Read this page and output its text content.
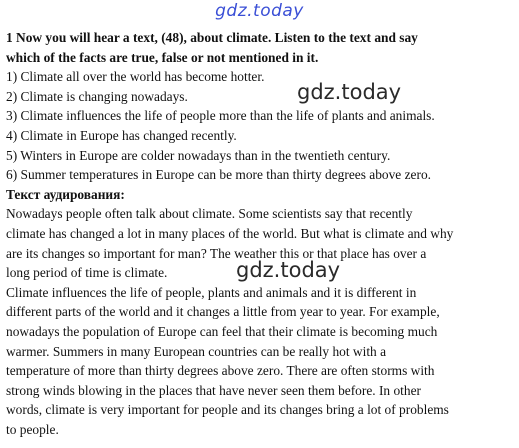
gdz.today
1 Now you will hear a text, (48), about climate. Listen to the text and say
which of the facts are true, false or not mentioned in it.
1) Climate all over the world has become hotter.
2) Climate is changing nowadays.
3) Climate influences the life of people more than the life of plants and animals.
4) Climate in Europe has changed recently.
5) Winters in Europe are colder nowadays than in the twentieth century.
6) Summer temperatures in Europe can be more than thirty degrees above zero.
Текст аудирования:
Nowadays people often talk about climate. Some scientists say that recently
climate has changed a lot in many places of the world. But what is climate and why
are its changes so important for man? The weather this or that place has over a
long period of time is climate.
Climate influences the life of people, plants and animals and it is different in
different parts of the world and it changes a little from year to year. For example,
nowadays the population of Europe can feel that their climate is becoming much
warmer. Summers in many European countries can be really hot with a
temperature of more than thirty degrees above zero. There are often storms with
strong winds blowing in the places that have never seen them before. In other
words, climate is very important for people and its changes bring a lot of problems
to people.
gdz.today
gdz.today
